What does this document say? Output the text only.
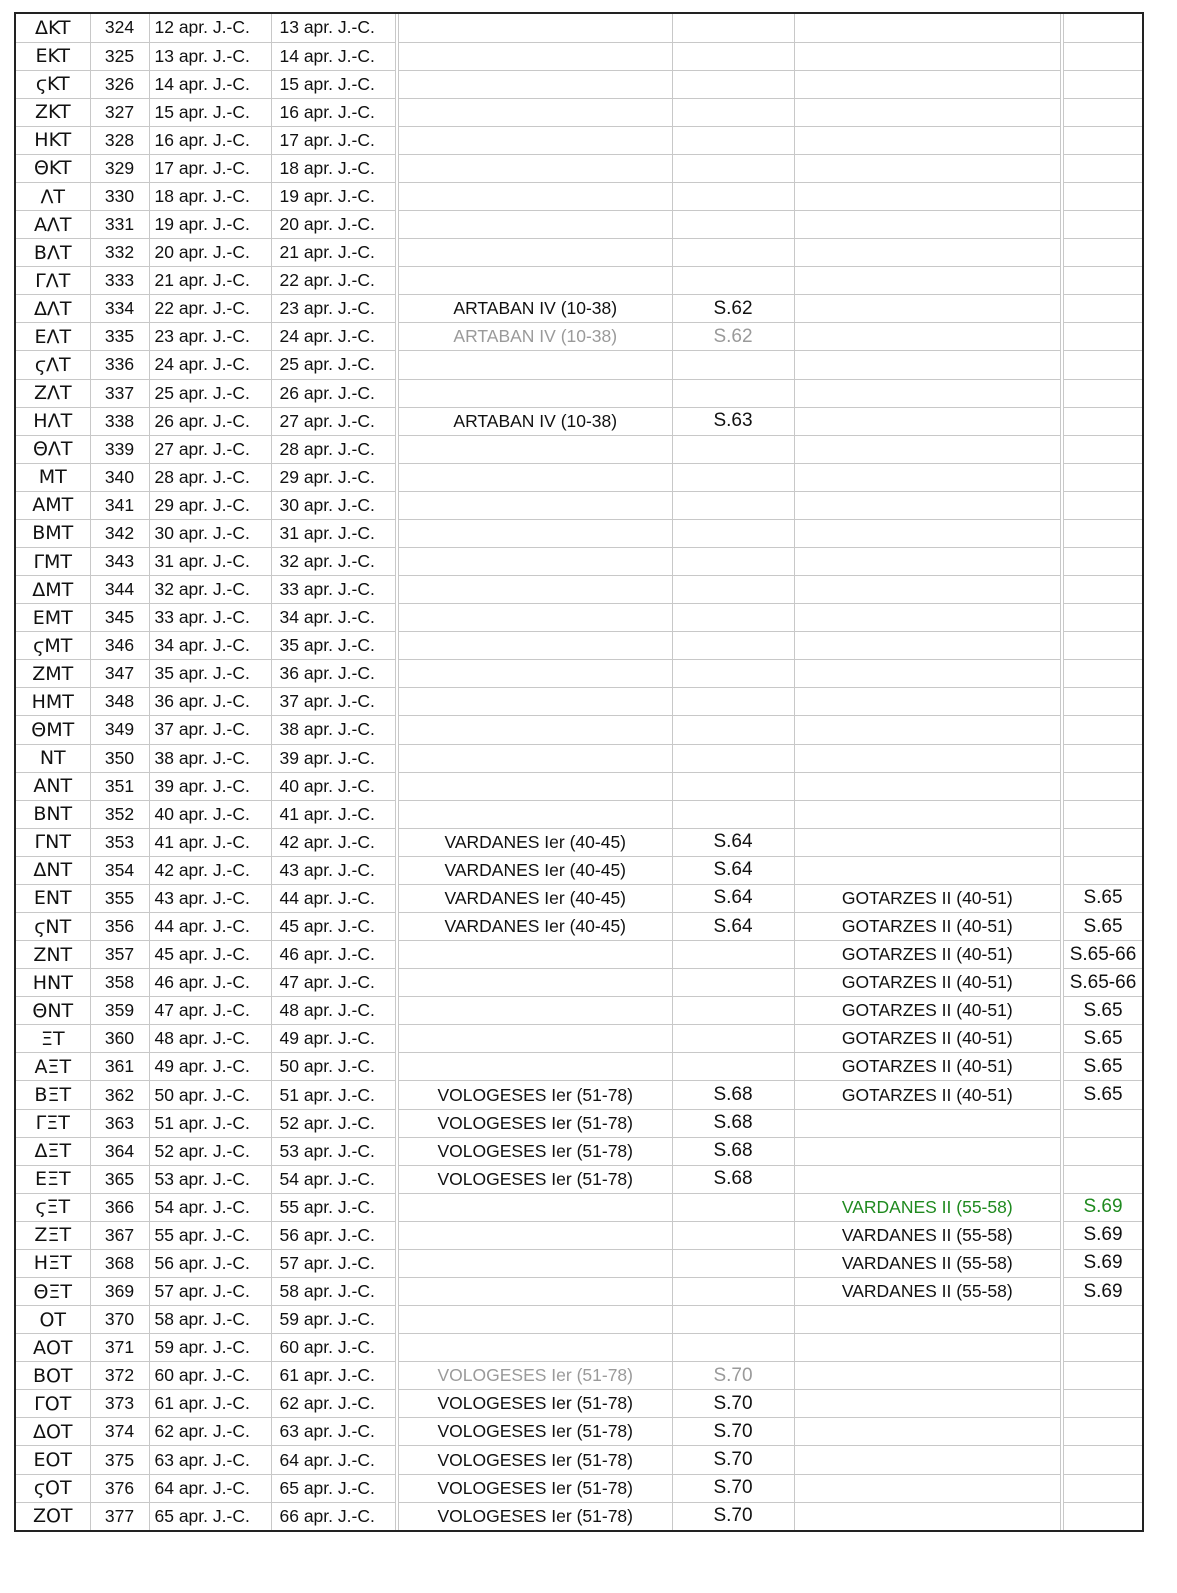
ΔKT	324	12 apr. J.-C.	13 apr. J.-C.				
EKT	325	13 apr. J.-C.	14 apr. J.-C.				
ϛKT	326	14 apr. J.-C.	15 apr. J.-C.				
ZKT	327	15 apr. J.-C.	16 apr. J.-C.				
HKT	328	16 apr. J.-C.	17 apr. J.-C.				
ΘKT	329	17 apr. J.-C.	18 apr. J.-C.				
ΛT	330	18 apr. J.-C.	19 apr. J.-C.				
AΛT	331	19 apr. J.-C.	20 apr. J.-C.				
BΛT	332	20 apr. J.-C.	21 apr. J.-C.				
ΓΛT	333	21 apr. J.-C.	22 apr. J.-C.				
ΔΛT	334	22 apr. J.-C.	23 apr. J.-C.	ARTABAN IV (10-38)	S.62		
EΛT	335	23 apr. J.-C.	24 apr. J.-C.	ARTABAN IV (10-38)	S.62		
ϛΛT	336	24 apr. J.-C.	25 apr. J.-C.				
ZΛT	337	25 apr. J.-C.	26 apr. J.-C.				
HΛT	338	26 apr. J.-C.	27 apr. J.-C.	ARTABAN IV (10-38)	S.63		
ΘΛT	339	27 apr. J.-C.	28 apr. J.-C.				
MT	340	28 apr. J.-C.	29 apr. J.-C.				
AMT	341	29 apr. J.-C.	30 apr. J.-C.				
BMT	342	30 apr. J.-C.	31 apr. J.-C.				
ΓMT	343	31 apr. J.-C.	32 apr. J.-C.				
ΔMT	344	32 apr. J.-C.	33 apr. J.-C.				
EMT	345	33 apr. J.-C.	34 apr. J.-C.				
ϛMT	346	34 apr. J.-C.	35 apr. J.-C.				
ZMT	347	35 apr. J.-C.	36 apr. J.-C.				
HMT	348	36 apr. J.-C.	37 apr. J.-C.				
ΘMT	349	37 apr. J.-C.	38 apr. J.-C.				
NT	350	38 apr. J.-C.	39 apr. J.-C.				
ANT	351	39 apr. J.-C.	40 apr. J.-C.				
BNT	352	40 apr. J.-C.	41 apr. J.-C.				
ΓNT	353	41 apr. J.-C.	42 apr. J.-C.	VARDANES Ier (40-45)	S.64		
ΔNT	354	42 apr. J.-C.	43 apr. J.-C.	VARDANES Ier (40-45)	S.64		
ENT	355	43 apr. J.-C.	44 apr. J.-C.	VARDANES Ier (40-45)	S.64	GOTARZES II (40-51)	S.65
ϛNT	356	44 apr. J.-C.	45 apr. J.-C.	VARDANES Ier (40-45)	S.64	GOTARZES II (40-51)	S.65
ZNT	357	45 apr. J.-C.	46 apr. J.-C.			GOTARZES II (40-51)	S.65-66
HNT	358	46 apr. J.-C.	47 apr. J.-C.			GOTARZES II (40-51)	S.65-66
ΘNT	359	47 apr. J.-C.	48 apr. J.-C.			GOTARZES II (40-51)	S.65
ΞT	360	48 apr. J.-C.	49 apr. J.-C.			GOTARZES II (40-51)	S.65
AΞT	361	49 apr. J.-C.	50 apr. J.-C.			GOTARZES II (40-51)	S.65
BΞT	362	50 apr. J.-C.	51 apr. J.-C.	VOLOGESES Ier (51-78)	S.68	GOTARZES II (40-51)	S.65
ΓΞT	363	51 apr. J.-C.	52 apr. J.-C.	VOLOGESES Ier (51-78)	S.68		
ΔΞT	364	52 apr. J.-C.	53 apr. J.-C.	VOLOGESES Ier (51-78)	S.68		
EΞT	365	53 apr. J.-C.	54 apr. J.-C.	VOLOGESES Ier (51-78)	S.68		
ϛΞT	366	54 apr. J.-C.	55 apr. J.-C.			VARDANES II (55-58)	S.69
ZΞT	367	55 apr. J.-C.	56 apr. J.-C.			VARDANES II (55-58)	S.69
HΞT	368	56 apr. J.-C.	57 apr. J.-C.			VARDANES II (55-58)	S.69
ΘΞT	369	57 apr. J.-C.	58 apr. J.-C.			VARDANES II (55-58)	S.69
ΟT	370	58 apr. J.-C.	59 apr. J.-C.				
AΟT	371	59 apr. J.-C.	60 apr. J.-C.				
BΟT	372	60 apr. J.-C.	61 apr. J.-C.	VOLOGESES Ier (51-78)	S.70		
ΓΟT	373	61 apr. J.-C.	62 apr. J.-C.	VOLOGESES Ier (51-78)	S.70		
ΔΟT	374	62 apr. J.-C.	63 apr. J.-C.	VOLOGESES Ier (51-78)	S.70		
EΟT	375	63 apr. J.-C.	64 apr. J.-C.	VOLOGESES Ier (51-78)	S.70		
ϛΟT	376	64 apr. J.-C.	65 apr. J.-C.	VOLOGESES Ier (51-78)	S.70		
ZΟT	377	65 apr. J.-C.	66 apr. J.-C.	VOLOGESES Ier (51-78)	S.70		
